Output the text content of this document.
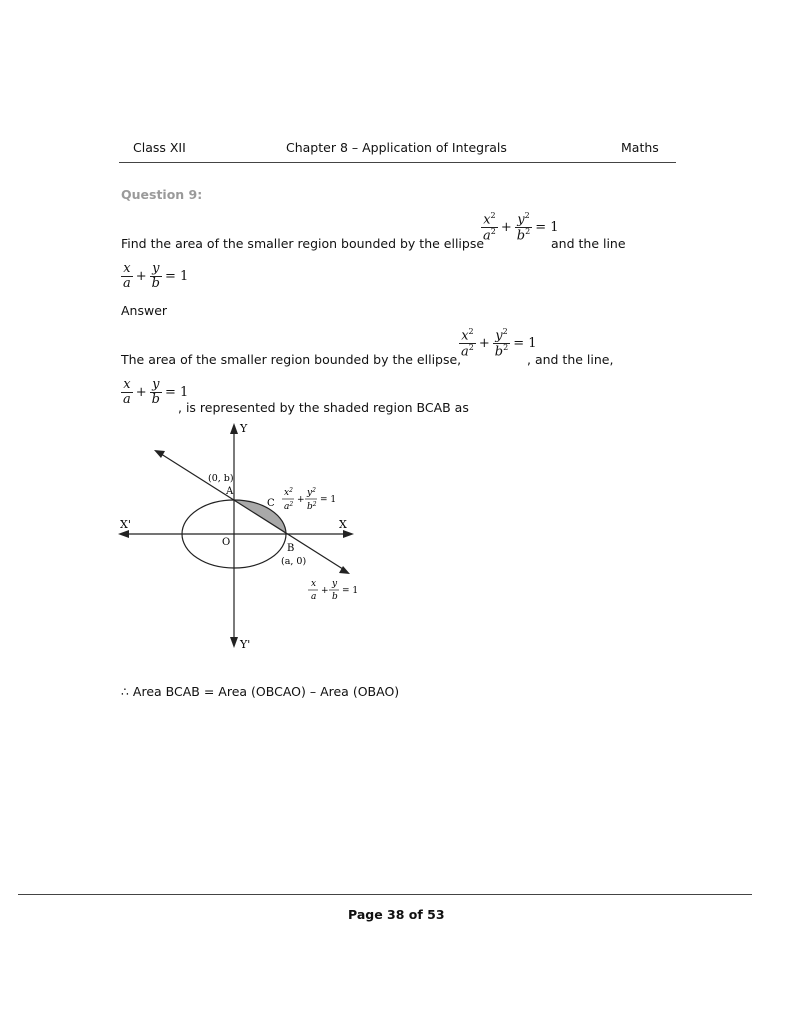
Class XII	Chapter 8 – Application of Integrals	Maths
Question 9:
Find the area of the smaller region bounded by the ellipse
$\frac{x^2}{a^2} + \frac{y^2}{b^2} = 1$
and the line
$\frac{x}{a} + \frac{y}{b} = 1$
Answer
The area of the smaller region bounded by the ellipse,
$\frac{x^2}{a^2} + \frac{y^2}{b^2} = 1$
, and the line,
$\frac{x}{a} + \frac{y}{b} = 1$
, is represented by the shaded region BCAB as
Y
Y'
X
X'
O
(0, b)
A
C
B
(a, 0)
$x^2$
$a^2$ +
$y^2$
$b^2 = 1$
x
a
+
y
b
= 1
∴ Area BCAB = Area (OBCAO) – Area (OBAO)
Page 38 of 53
